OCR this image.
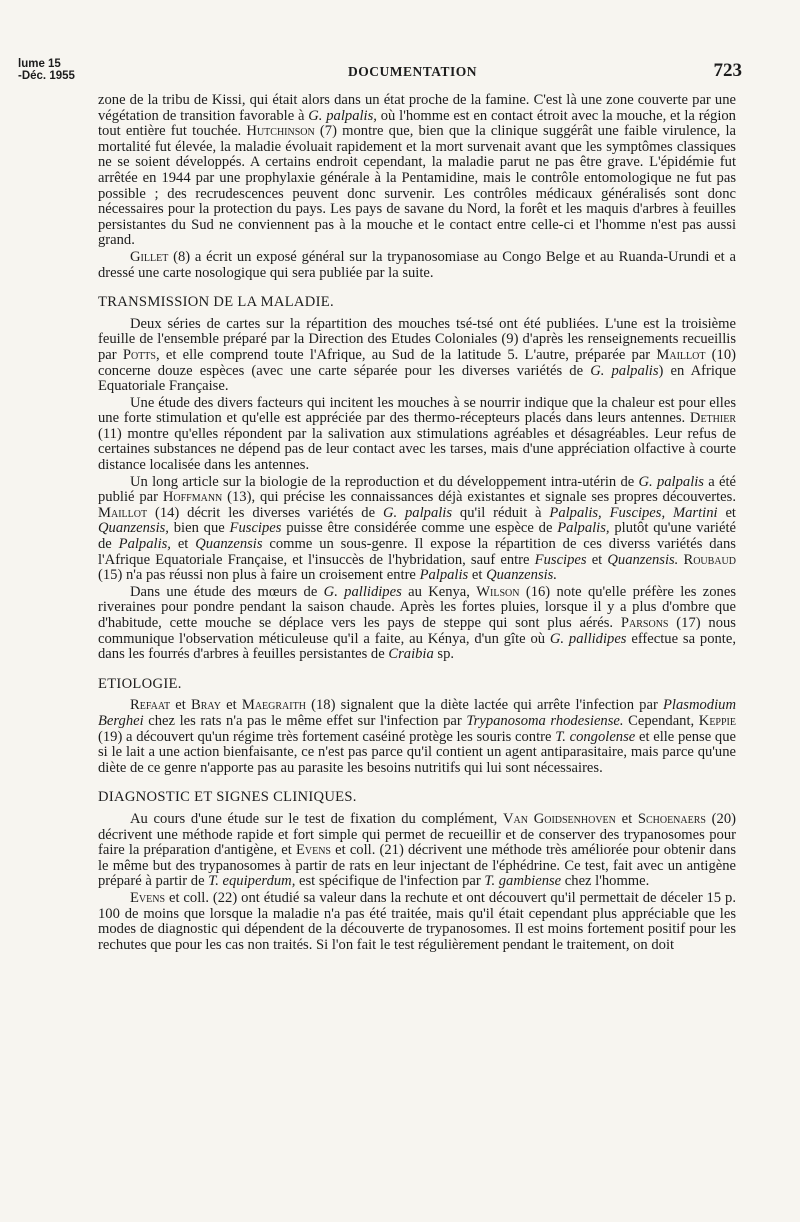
lume 15
-Déc. 1955	DOCUMENTATION	723

zone de la tribu de Kissi, qui était alors dans un état proche de la famine. C'est là une zone couverte par une végétation de transition favorable à G. palpalis, où l'homme est en contact étroit avec la mouche, et la région tout entière fut touchée. Hutchinson (7) montre que, bien que la clinique suggérât une faible virulence, la mortalité fut élevée, la maladie évoluait rapidement et la mort survenait avant que les symptômes classiques ne se soient développés. A certains endroit cependant, la maladie parut ne pas être grave. L'épidémie fut arrêtée en 1944 par une prophylaxie générale à la Pentamidine, mais le contrôle entomologique ne fut pas possible ; des recrudescences peuvent donc survenir. Les contrôles médicaux généralisés sont donc nécessaires pour la protection du pays. Les pays de savane du Nord, la forêt et les maquis d'arbres à feuilles persistantes du Sud ne conviennent pas à la mouche et le contact entre celle-ci et l'homme n'est pas aussi grand.

Gillet (8) a écrit un exposé général sur la trypanosomiase au Congo Belge et au Ruanda-Urundi et a dressé une carte nosologique qui sera publiée par la suite.

TRANSMISSION DE LA MALADIE.

Deux séries de cartes sur la répartition des mouches tsé-tsé ont été publiées. L'une est la troisième feuille de l'ensemble préparé par la Direction des Etudes Coloniales (9) d'après les renseignements recueillis par Potts, et elle comprend toute l'Afrique, au Sud de la latitude 5. L'autre, préparée par Maillot (10) concerne douze espèces (avec une carte séparée pour les diverses variétés de G. palpalis) en Afrique Equatoriale Française.

Une étude des divers facteurs qui incitent les mouches à se nourrir indique que la chaleur est pour elles une forte stimulation et qu'elle est appréciée par des thermo-récepteurs placés dans leurs antennes. Dethier (11) montre qu'elles répondent par la salivation aux stimulations agréables et désagréables. Leur refus de certaines substances ne dépend pas de leur contact avec les tarses, mais d'une appréciation olfactive à courte distance localisée dans les antennes.

Un long article sur la biologie de la reproduction et du développement intra-utérin de G. palpalis a été publié par Hoffmann (13), qui précise les connaissances déjà existantes et signale ses propres découvertes. Maillot (14) décrit les diverses variétés de G. palpalis qu'il réduit à Palpalis, Fuscipes, Martini et Quanzensis, bien que Fuscipes puisse être considérée comme une espèce de Palpalis, plutôt qu'une variété de Palpalis, et Quanzensis comme un sous-genre. Il expose la répartition de ces diverss variétés dans l'Afrique Equatoriale Française, et l'insuccès de l'hybridation, sauf entre Fuscipes et Quanzensis. Roubaud (15) n'a pas réussi non plus à faire un croisement entre Palpalis et Quanzensis.

Dans une étude des mœurs de G. pallidipes au Kenya, Wilson (16) note qu'elle préfère les zones riveraines pour pondre pendant la saison chaude. Après les fortes pluies, lorsque il y a plus d'ombre que d'habitude, cette mouche se déplace vers les pays de steppe qui sont plus aérés. Parsons (17) nous communique l'observation méticuleuse qu'il a faite, au Kénya, d'un gîte où G. pallidipes effectue sa ponte, dans les fourrés d'arbres à feuilles persistantes de Craibia sp.

ETIOLOGIE.

Refaat et Bray et Maegraith (18) signalent que la diète lactée qui arrête l'infection par Plasmodium Berghei chez les rats n'a pas le même effet sur l'infection par Trypanosoma rhodesiense. Cependant, Keppie (19) a découvert qu'un régime très fortement caséiné protège les souris contre T. congolense et elle pense que si le lait a une action bienfaisante, ce n'est pas parce qu'il contient un agent antiparasitaire, mais parce qu'une diète de ce genre n'apporte pas au parasite les besoins nutritifs qui lui sont nécessaires.

DIAGNOSTIC ET SIGNES CLINIQUES.

Au cours d'une étude sur le test de fixation du complément, Van Goidsenhoven et Schoenaers (20) décrivent une méthode rapide et fort simple qui permet de recueillir et de conserver des trypanosomes pour faire la préparation d'antigène, et Evens et coll. (21) décrivent une méthode très améliorée pour obtenir dans le même but des trypanosomes à partir de rats en leur injectant de l'éphédrine. Ce test, fait avec un antigène préparé à partir de T. equiperdum, est spécifique de l'infection par T. gambiense chez l'homme.

Evens et coll. (22) ont étudié sa valeur dans la rechute et ont découvert qu'il permettait de déceler 15 p. 100 de moins que lorsque la maladie n'a pas été traitée, mais qu'il était cependant plus appréciable que les modes de diagnostic qui dépendent de la découverte de trypanosomes. Il est moins fortement positif pour les rechutes que pour les cas non traités. Si l'on fait le test régulièrement pendant le traitement, on doit
